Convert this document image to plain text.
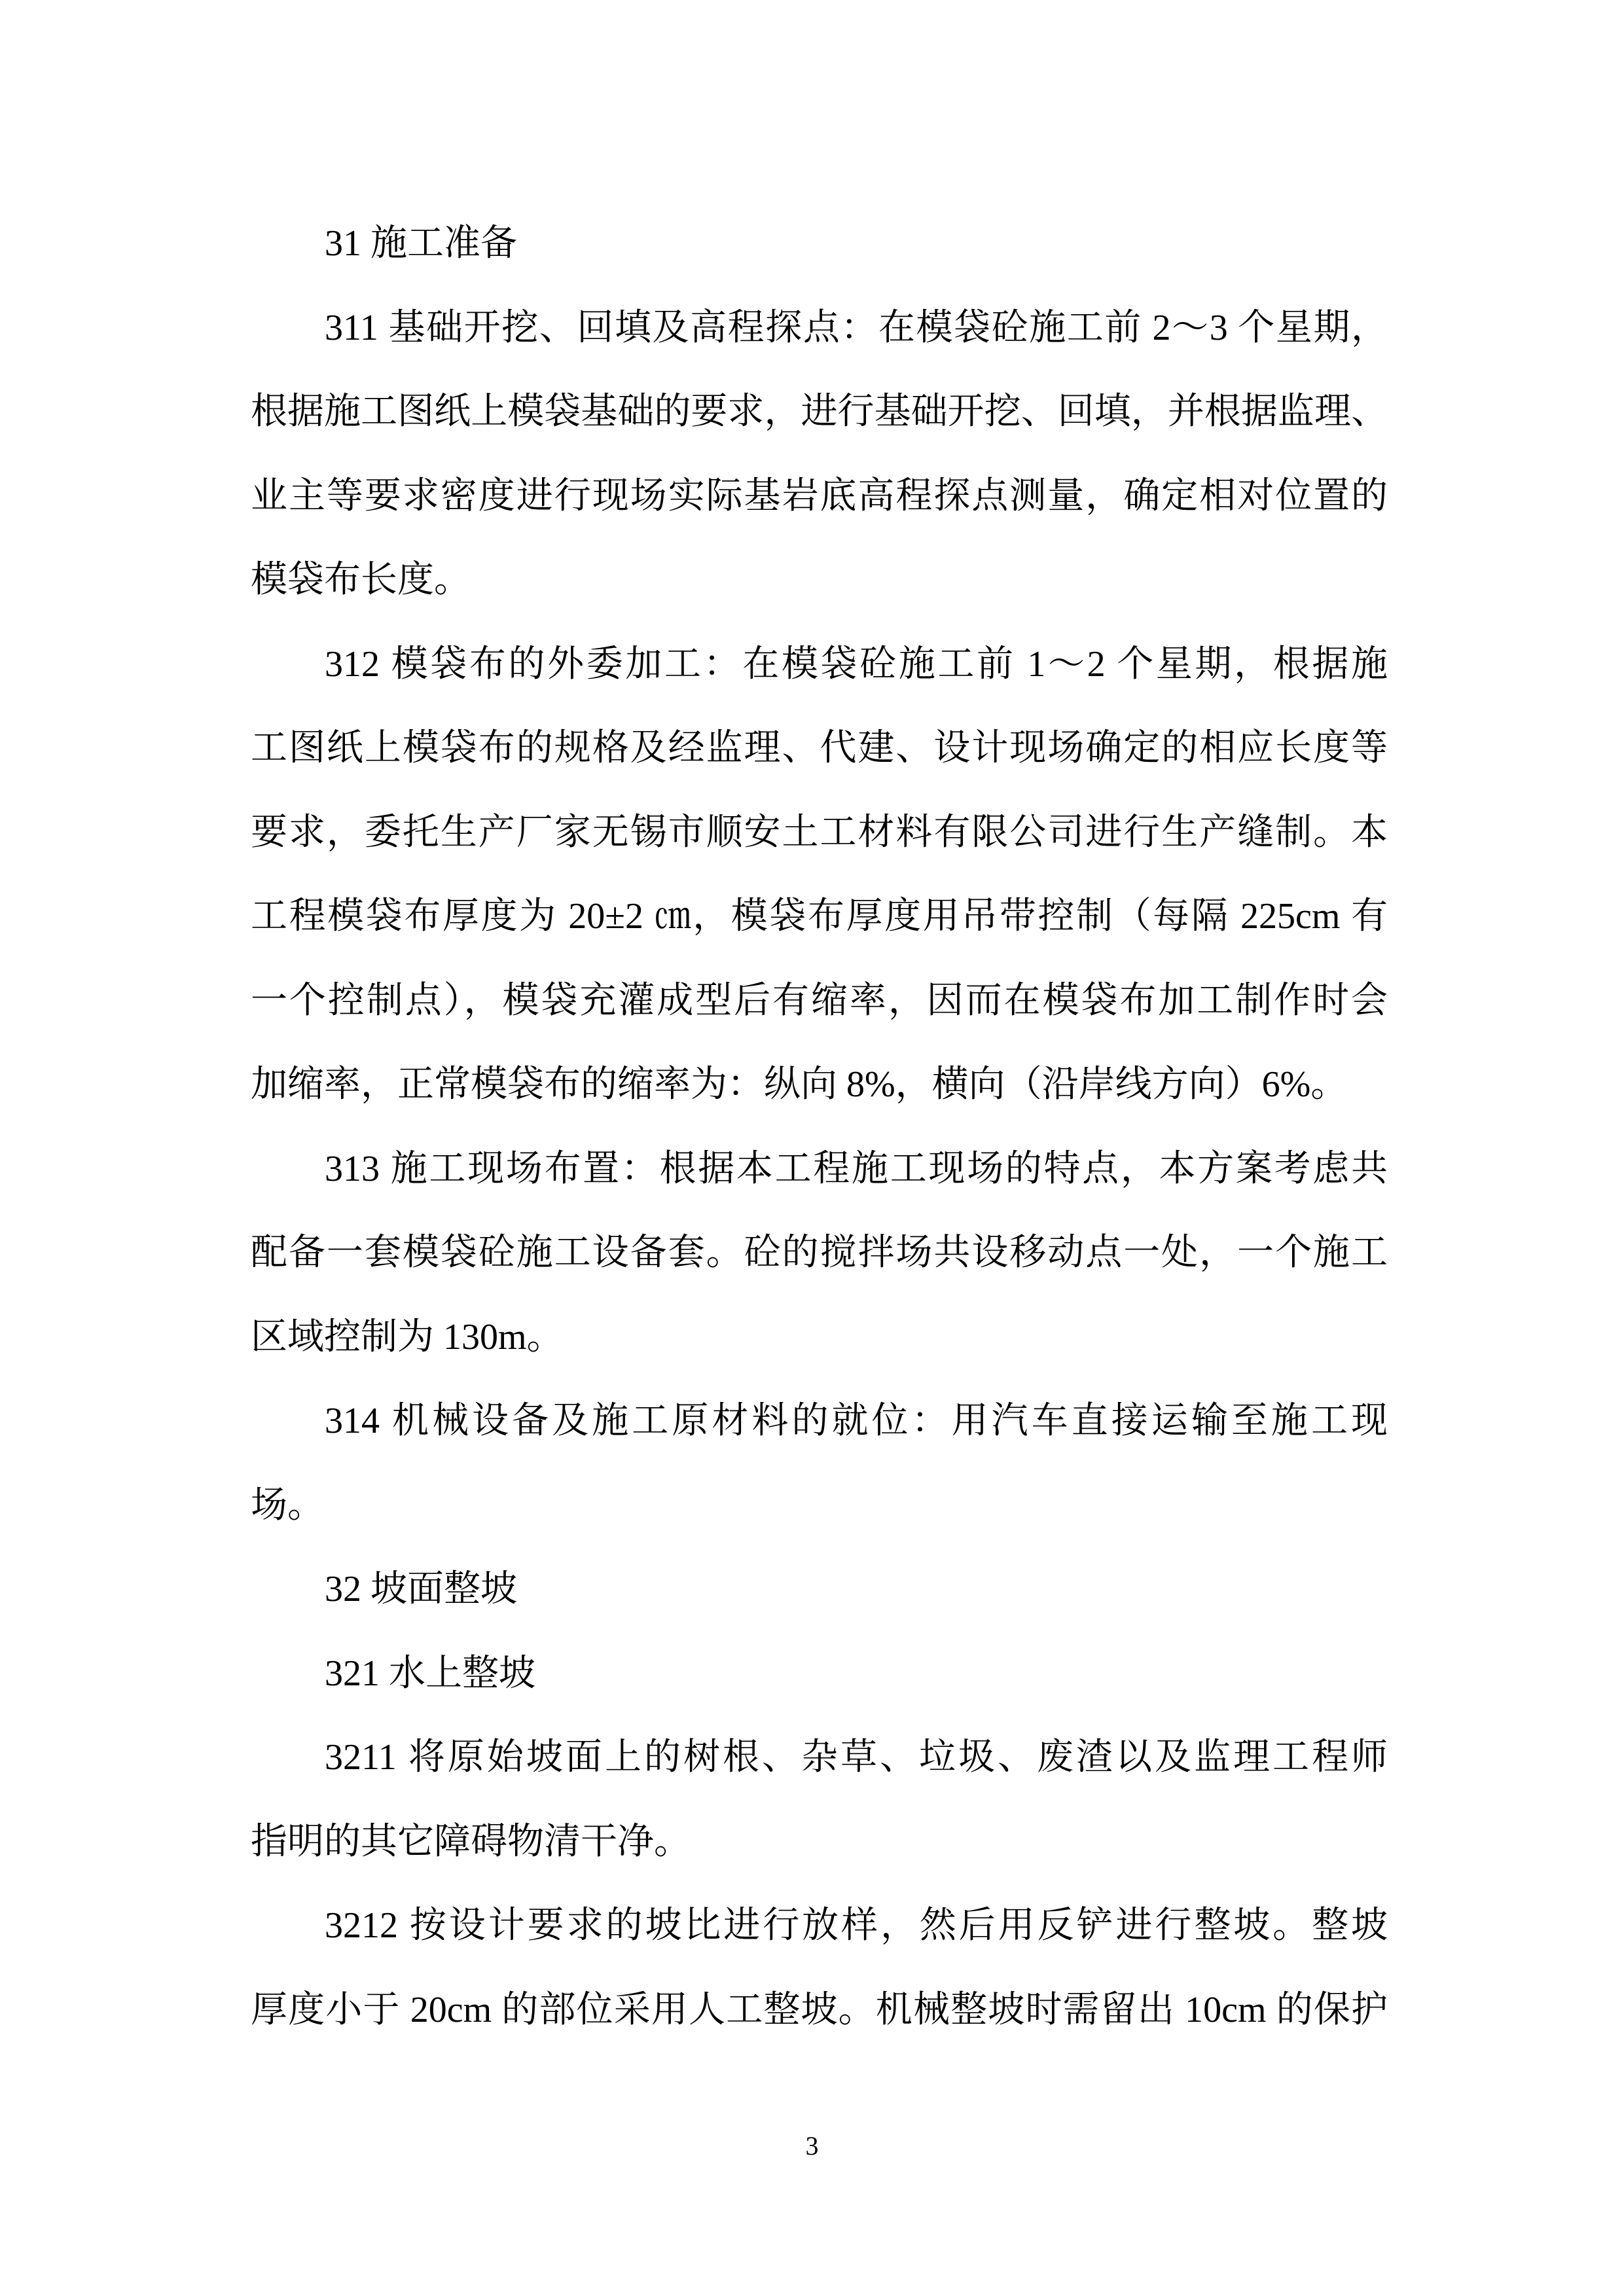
31 施工准备
311 基础开挖、回填及高程探点：在模袋砼施工前 2～3 个星期，
根据施工图纸上模袋基础的要求，进行基础开挖、回填，并根据监理、
业主等要求密度进行现场实际基岩底高程探点测量，确定相对位置的
模袋布长度。
312 模袋布的外委加工：在模袋砼施工前 1～2 个星期，根据施
工图纸上模袋布的规格及经监理、代建、设计现场确定的相应长度等
要求，委托生产厂家无锡市顺安土工材料有限公司进行生产缝制。本
工程模袋布厚度为 20±2 ㎝，模袋布厚度用吊带控制（每隔 225cm 有
一个控制点），模袋充灌成型后有缩率，因而在模袋布加工制作时会
加缩率，正常模袋布的缩率为：纵向 8%，横向（沿岸线方向）6%。
313 施工现场布置：根据本工程施工现场的特点，本方案考虑共
配备一套模袋砼施工设备套。砼的搅拌场共设移动点一处，一个施工
区域控制为 130m。
314 机械设备及施工原材料的就位：用汽车直接运输至施工现
场。
32 坡面整坡
321 水上整坡
3211 将原始坡面上的树根、杂草、垃圾、废渣以及监理工程师
指明的其它障碍物清干净。
3212 按设计要求的坡比进行放样，然后用反铲进行整坡。整坡
厚度小于 20cm 的部位采用人工整坡。机械整坡时需留出 10cm 的保护
3
